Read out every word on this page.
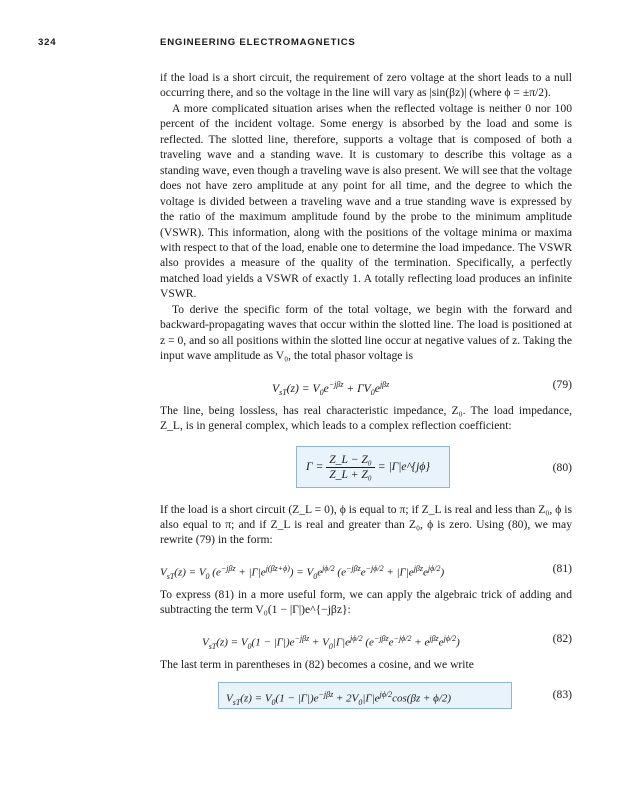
324	ENGINEERING ELECTROMAGNETICS

if the load is a short circuit, the requirement of zero voltage at the short leads to a null occurring there, and so the voltage in the line will vary as |sin(βz)| (where ϕ = ±π/2).

A more complicated situation arises when the reflected voltage is neither 0 nor 100 percent of the incident voltage. Some energy is absorbed by the load and some is reflected. The slotted line, therefore, supports a voltage that is composed of both a traveling wave and a standing wave. It is customary to describe this voltage as a standing wave, even though a traveling wave is also present. We will see that the voltage does not have zero amplitude at any point for all time, and the degree to which the voltage is divided between a traveling wave and a true standing wave is expressed by the ratio of the maximum amplitude found by the probe to the minimum amplitude (VSWR). This information, along with the positions of the voltage minima or maxima with respect to that of the load, enable one to determine the load impedance. The VSWR also provides a measure of the quality of the termination. Specifically, a perfectly matched load yields a VSWR of exactly 1. A totally reflecting load produces an infinite VSWR.

To derive the specific form of the total voltage, we begin with the forward and backward-propagating waves that occur within the slotted line. The load is positioned at z = 0, and so all positions within the slotted line occur at negative values of z. Taking the input wave amplitude as V₀, the total phasor voltage is

$V_{sT}(z) = V_0e^{-j\beta z} + \Gamma V_0e^{j\beta z}$	(79)

The line, being lossless, has real characteristic impedance, Z₀. The load impedance, Z_L, is in general complex, which leads to a complex reflection coefficient:

$\Gamma = \frac{\text{Z\_L − Z₀}}{\text{Z\_L + Z₀}}$ = |Γ|e^{jϕ}	(80)

If the load is a short circuit (Z_L = 0), ϕ is equal to π; if Z_L is real and less than Z₀, ϕ is also equal to π; and if Z_L is real and greater than Z₀, ϕ is zero. Using (80), we may rewrite (79) in the form:

$V_{sT}(z) = V_0$ $(e^{-j\beta z} + |\Gamma|e^{j(\beta z+\phi)}) = V_0e^{j\phi/2}$ $(e^{-j\beta z}e^{-j\phi/2} + |\Gamma|e^{j\beta z}e^{j\phi/2})$	(81)

To express (81) in a more useful form, we can apply the algebraic trick of adding and subtracting the term V₀(1 − |Γ|)e^{−jβz}:

$V_{sT}(z) = V_0(1 - |\Gamma|)e^{-j\beta z} + V_0|\Gamma|e^{j\phi/2}$ $(e^{-j\beta z}e^{-j\phi/2} + e^{j\beta z}e^{j\phi/2})$	(82)

The last term in parentheses in (82) becomes a cosine, and we write

$V_{sT}(z) = V_0(1 - |\Gamma|)e^{-j\beta z} + 2V_0|\Gamma|e^{j\phi/2}\cos(\beta z + \phi/2)$	(83)
